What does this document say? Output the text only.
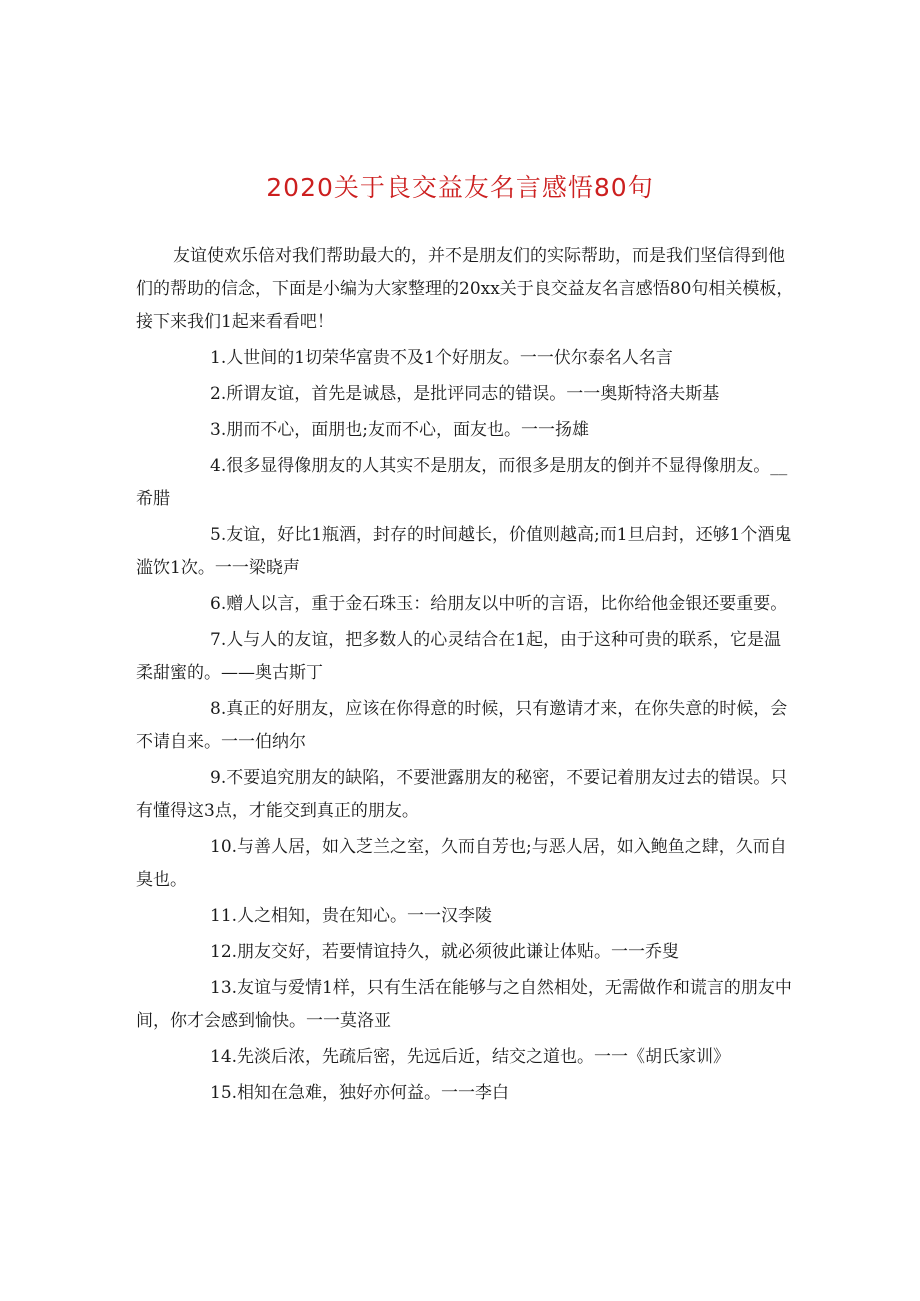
2020关于良交益友名言感悟80句

友谊使欢乐倍对我们帮助最大的，并不是朋友们的实际帮助，而是我们坚信得到他们的帮助的信念，下面是小编为大家整理的20xx关于良交益友名言感悟80句相关模板，接下来我们1起来看看吧！

1.人世间的1切荣华富贵不及1个好朋友。一一伏尔泰名人名言

2.所谓友谊，首先是诚恳，是批评同志的错误。一一奥斯特洛夫斯基

3.朋而不心，面朋也;友而不心，面友也。一一扬雄

4.很多显得像朋友的人其实不是朋友，而很多是朋友的倒并不显得像朋友。__希腊

5.友谊，好比1瓶酒，封存的时间越长，价值则越高;而1旦启封，还够1个酒鬼滥饮1次。一一梁晓声

6.赠人以言，重于金石珠玉：给朋友以中听的言语，比你给他金银还要重要。

7.人与人的友谊，把多数人的心灵结合在1起，由于这种可贵的联系，它是温柔甜蜜的。——奥古斯丁

8.真正的好朋友，应该在你得意的时候，只有邀请才来，在你失意的时候，会不请自来。一一伯纳尔

9.不要追究朋友的缺陷，不要泄露朋友的秘密，不要记着朋友过去的错误。只有懂得这3点，才能交到真正的朋友。

10.与善人居，如入芝兰之室，久而自芳也;与恶人居，如入鲍鱼之肆，久而自臭也。

11.人之相知，贵在知心。一一汉李陵

12.朋友交好，若要情谊持久，就必须彼此谦让体贴。一一乔叟

13.友谊与爱情1样，只有生活在能够与之自然相处，无需做作和谎言的朋友中间，你才会感到愉快。一一莫洛亚

14.先淡后浓，先疏后密，先远后近，结交之道也。一一《胡氏家训》

15.相知在急难，独好亦何益。一一李白
